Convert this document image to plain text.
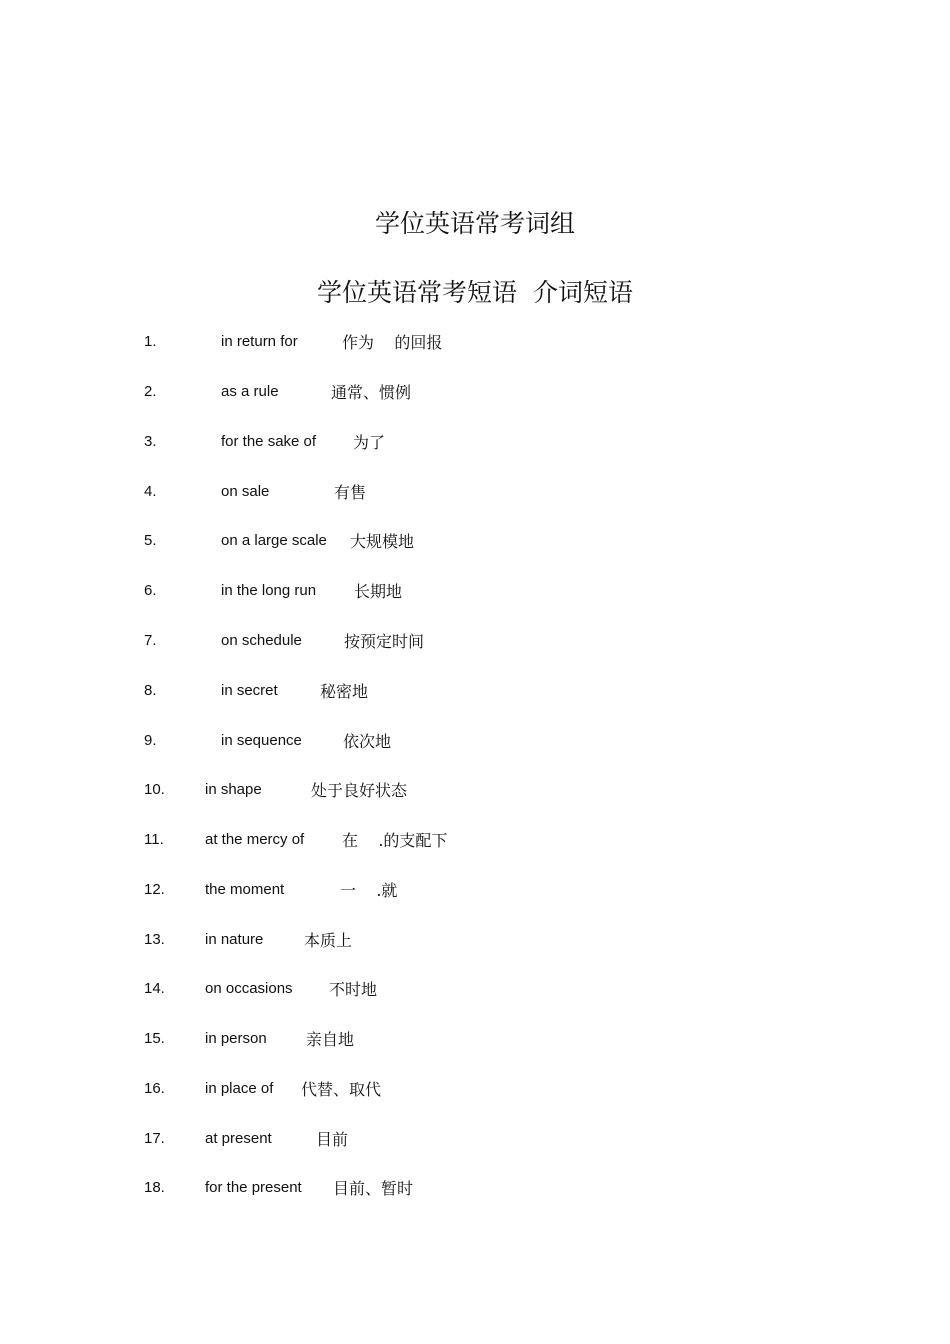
学位英语常考词组
学位英语常考短语  介词短语
1.	in return for	作为    的回报
2.	as a rule	通常、惯例
3.	for the sake of 为了
4.	on sale	有售
5.	on a large scale 大规模地
6.	in the long run 长期地
7.	on schedule	按预定时间
8.	in secret	秘密地
9.	in sequence	依次地
10.	in shape	处于良好状态
11.	at the mercy of 在    .的支配下
12.	the moment	一    .就
13.	in nature	本质上
14.	on occasions 不时地
15.	in person 亲自地
16.	in place of 代替、取代
17.	at present	目前
18.	for the present 目前、暂时
